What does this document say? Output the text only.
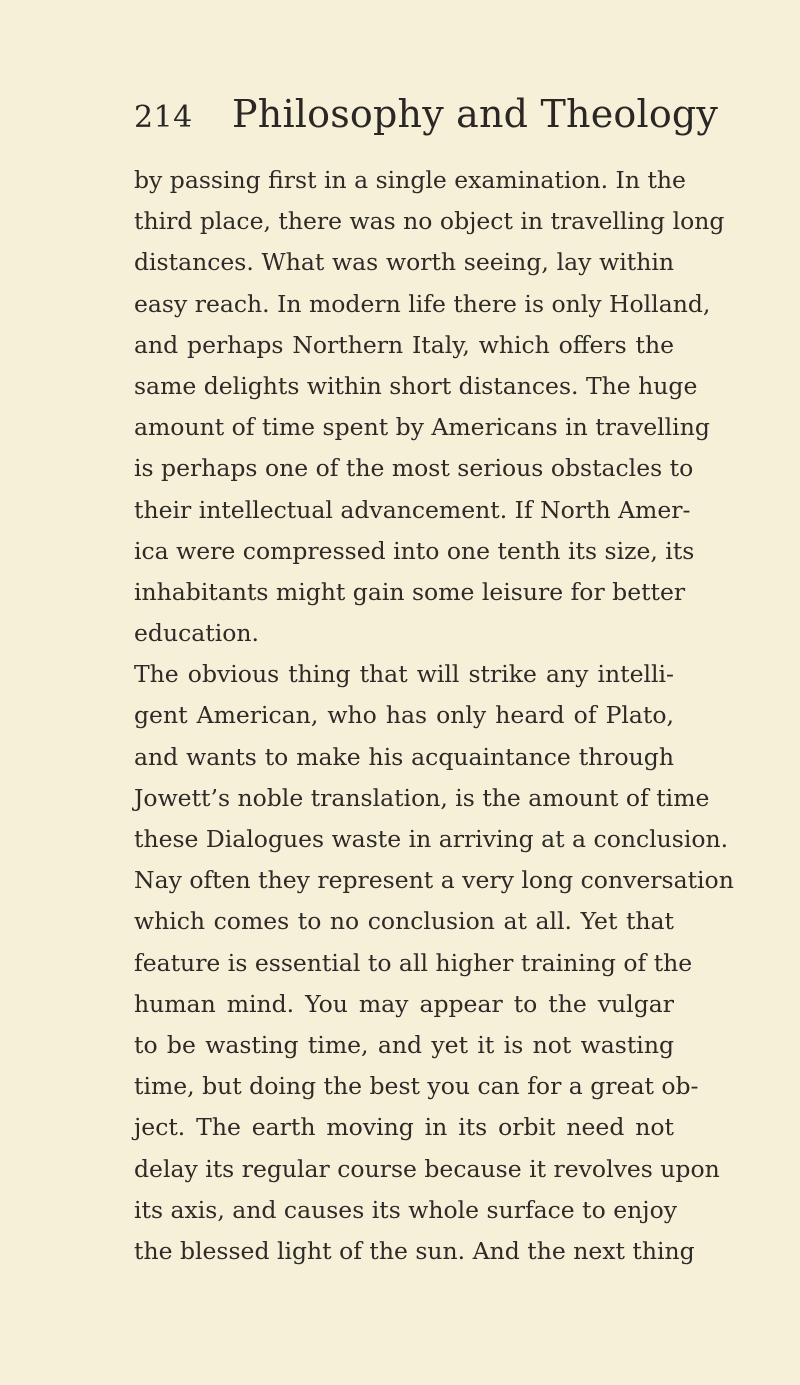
214 Philosophy and Theology
by passing first in a single examination. In the
third place, there was no object in travelling long
distances. What was worth seeing, lay within
easy reach. In modern life there is only Holland,
and perhaps Northern Italy, which offers the
same delights within short distances. The huge
amount of time spent by Americans in travelling
is perhaps one of the most serious obstacles to
their intellectual advancement. If North Amer-
ica were compressed into one tenth its size, its
inhabitants might gain some leisure for better
education.
The obvious thing that will strike any intelli-
gent American, who has only heard of Plato,
and wants to make his acquaintance through
Jowett’s noble translation, is the amount of time
these Dialogues waste in arriving at a conclusion.
Nay often they represent a very long conversation
which comes to no conclusion at all. Yet that
feature is essential to all higher training of the
human mind. You may appear to the vulgar
to be wasting time, and yet it is not wasting
time, but doing the best you can for a great ob-
ject. The earth moving in its orbit need not
delay its regular course because it revolves upon
its axis, and causes its whole surface to enjoy
the blessed light of the sun. And the next thing
